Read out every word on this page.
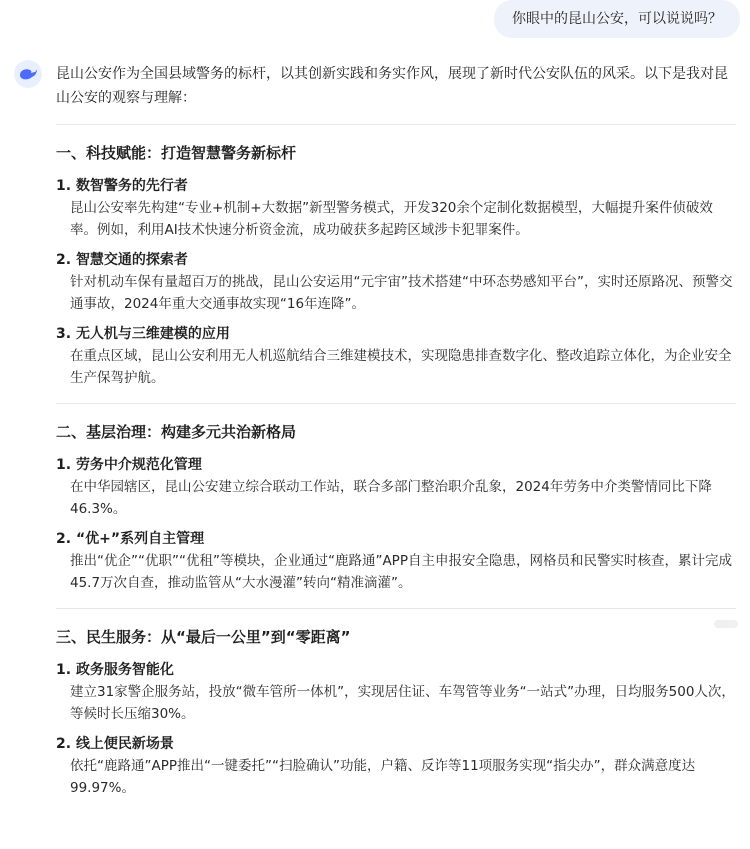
你眼中的昆山公安，可以说说吗？

昆山公安作为全国县域警务的标杆，以其创新实践和务实作风，展现了新时代公安队伍的风采。以下是我对昆山公安的观察与理解：

一、科技赋能：打造智慧警务新标杆
1. 数智警务的先行者
昆山公安率先构建“专业+机制+大数据”新型警务模式，开发320余个定制化数据模型，大幅提升案件侦破效率。例如，利用AI技术快速分析资金流，成功破获多起跨区域涉卡犯罪案件。
2. 智慧交通的探索者
针对机动车保有量超百万的挑战，昆山公安运用“元宇宙”技术搭建“中环态势感知平台”，实时还原路况、预警交通事故，2024年重大交通事故实现“16年连降”。
3. 无人机与三维建模的应用
在重点区域，昆山公安利用无人机巡航结合三维建模技术，实现隐患排查数字化、整改追踪立体化，为企业安全生产保驾护航。
二、基层治理：构建多元共治新格局
1. 劳务中介规范化管理
在中华园辖区，昆山公安建立综合联动工作站，联合多部门整治职介乱象，2024年劳务中介类警情同比下降46.3%。
2. “优+”系列自主管理
推出“优企”“优职”“优租”等模块，企业通过“鹿路通”APP自主申报安全隐患，网格员和民警实时核查，累计完成45.7万次自查，推动监管从“大水漫灌”转向“精准滴灌”。
三、民生服务：从“最后一公里”到“零距离”
1. 政务服务智能化
建立31家警企服务站，投放“微车管所一体机”，实现居住证、车驾管等业务“一站式”办理，日均服务500人次，等候时长压缩30%。
2. 线上便民新场景
依托“鹿路通”APP推出“一键委托”“扫脸确认”功能，户籍、反诈等11项服务实现“指尖办”，群众满意度达99.97%。
